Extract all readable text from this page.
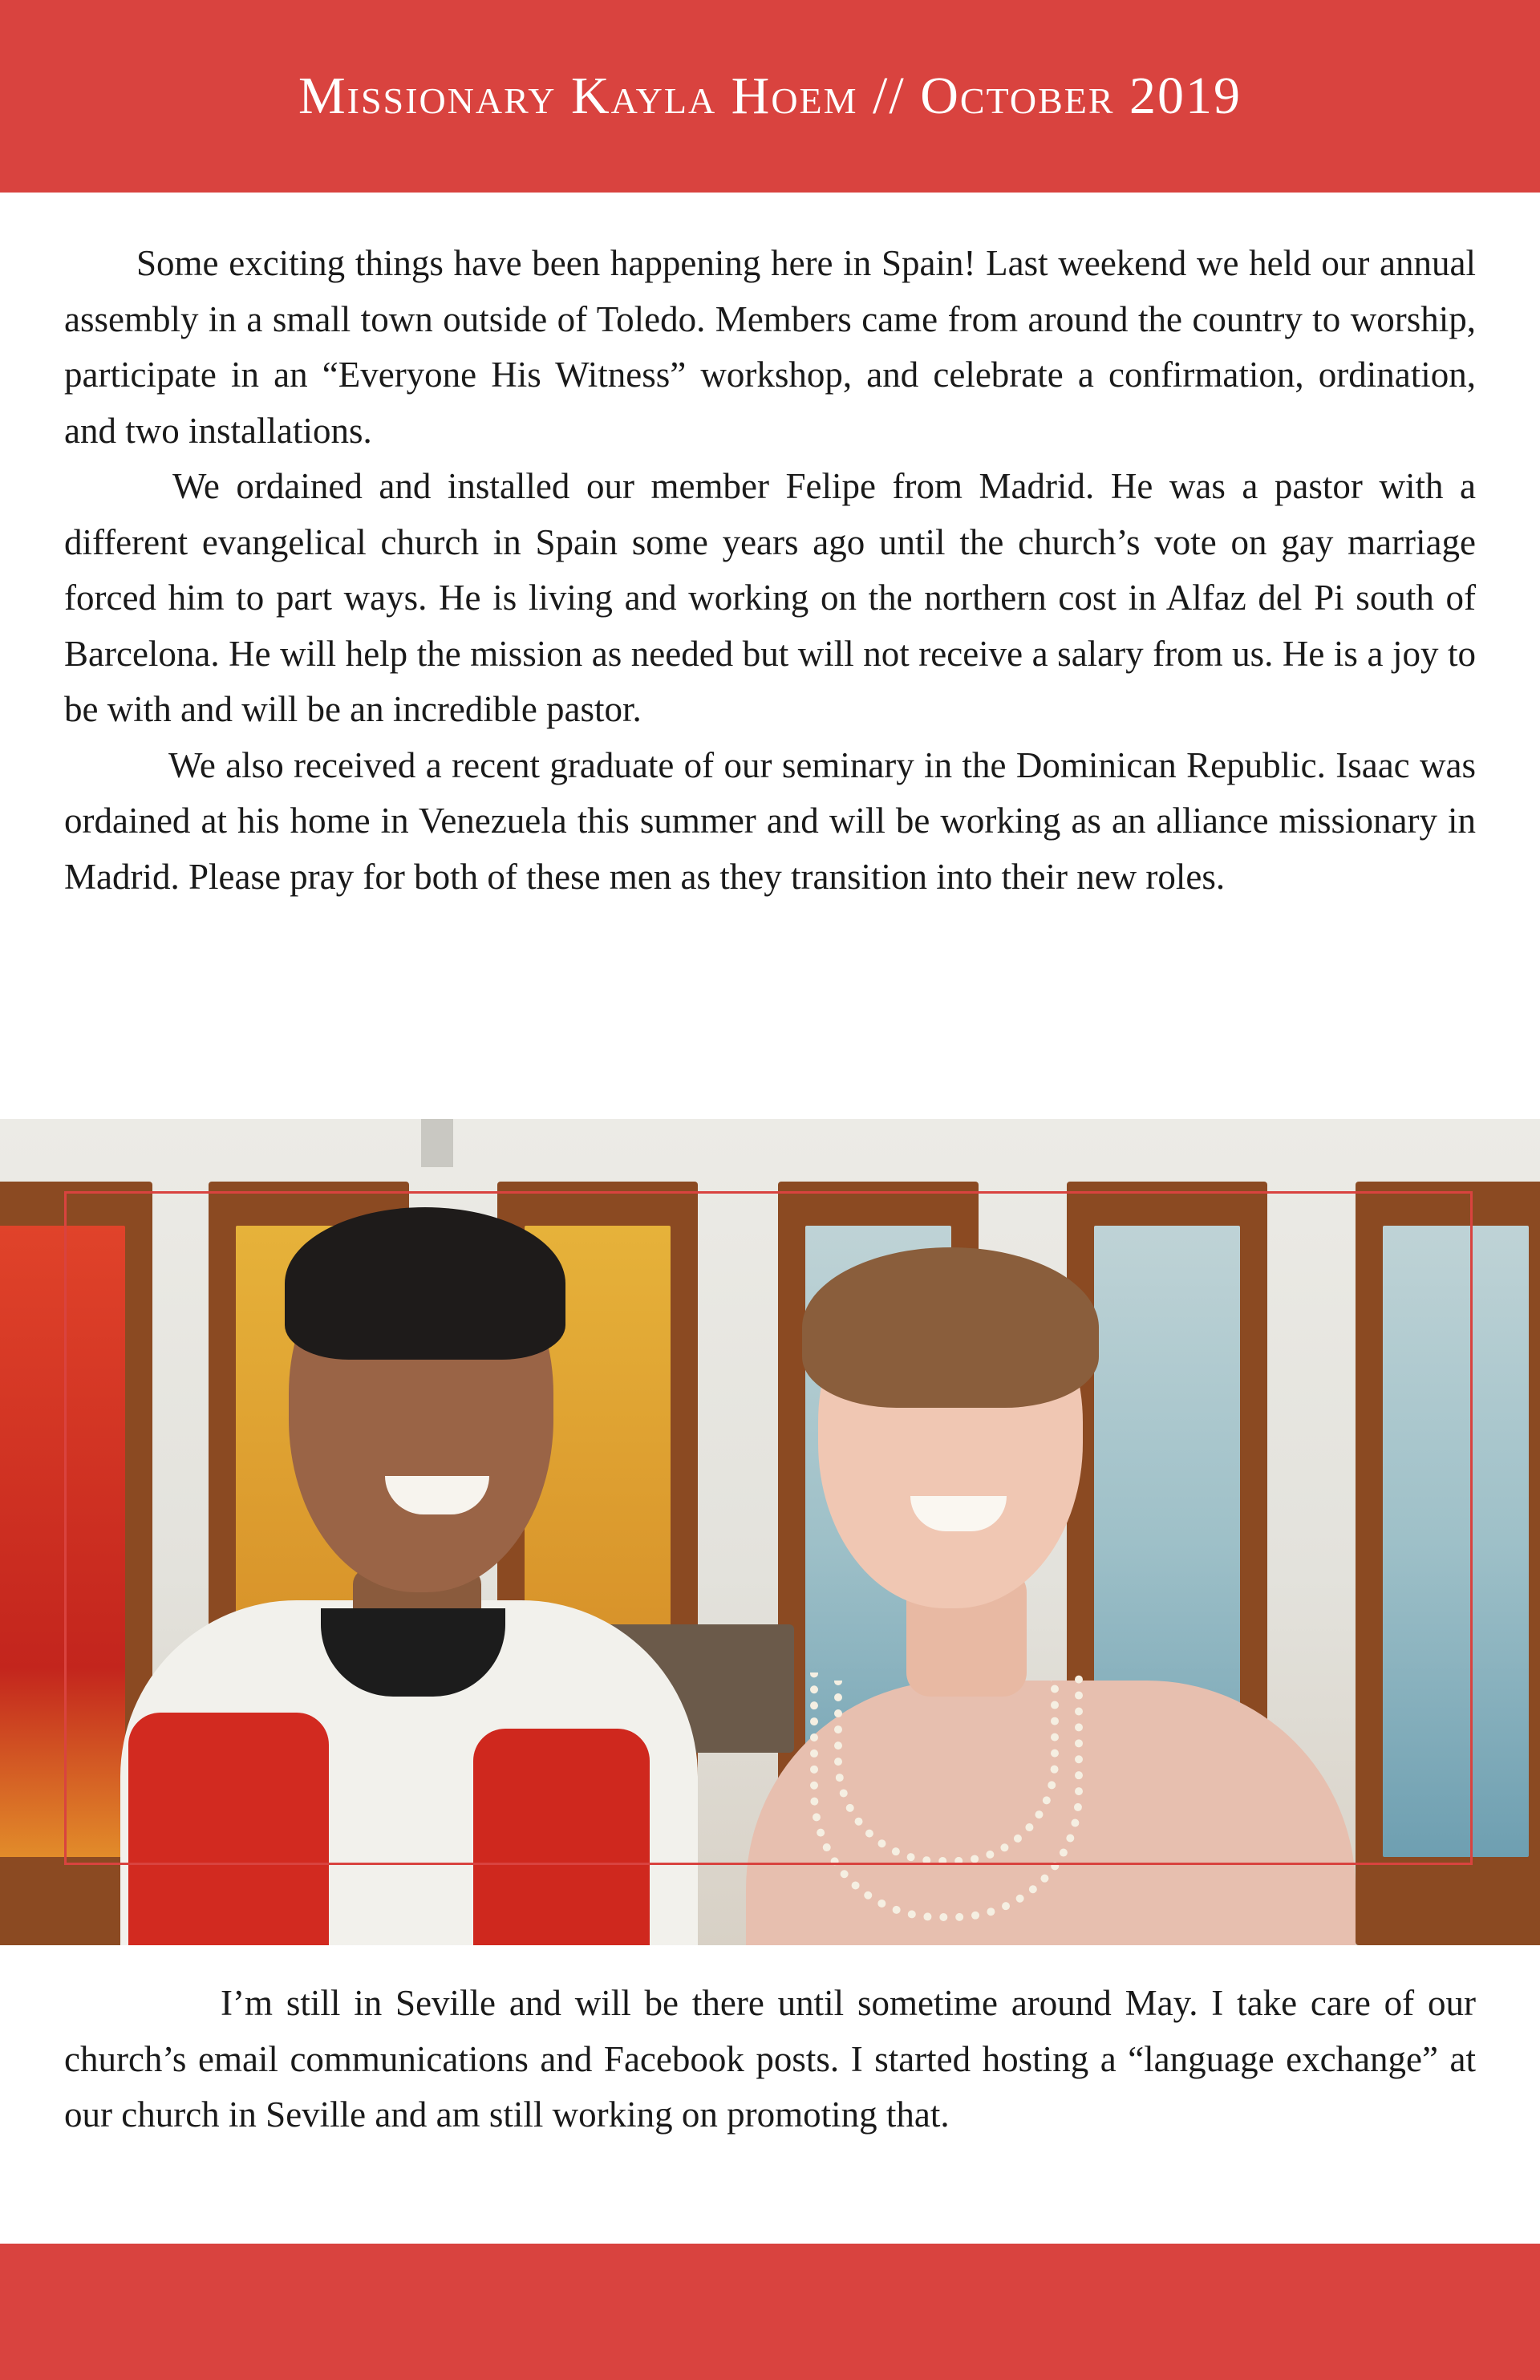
Missionary Kayla Hoem // October 2019

Some exciting things have been happening here in Spain! Last weekend we held our annual assembly in a small town outside of Toledo. Members came from around the country to worship, participate in an “Everyone His Witness” workshop, and celebrate a confirmation, ordination, and two installations.

We ordained and installed our member Felipe from Madrid. He was a pastor with a different evangelical church in Spain some years ago until the church’s vote on gay marriage forced him to part ways. He is living and working on the northern cost in Alfaz del Pi south of Barcelona. He will help the mission as needed but will not receive a salary from us. He is a joy to be with and will be an incredible pastor.

We also received a recent graduate of our seminary in the Dominican Republic. Isaac was ordained at his home in Venezuela this summer and will be working as an alliance missionary in Madrid. Please pray for both of these men as they transition into their new roles.

I’m still in Seville and will be there until sometime around May. I take care of our church’s email communications and Facebook posts. I started hosting a “language exchange” at our church in Seville and am still working on promoting that.
